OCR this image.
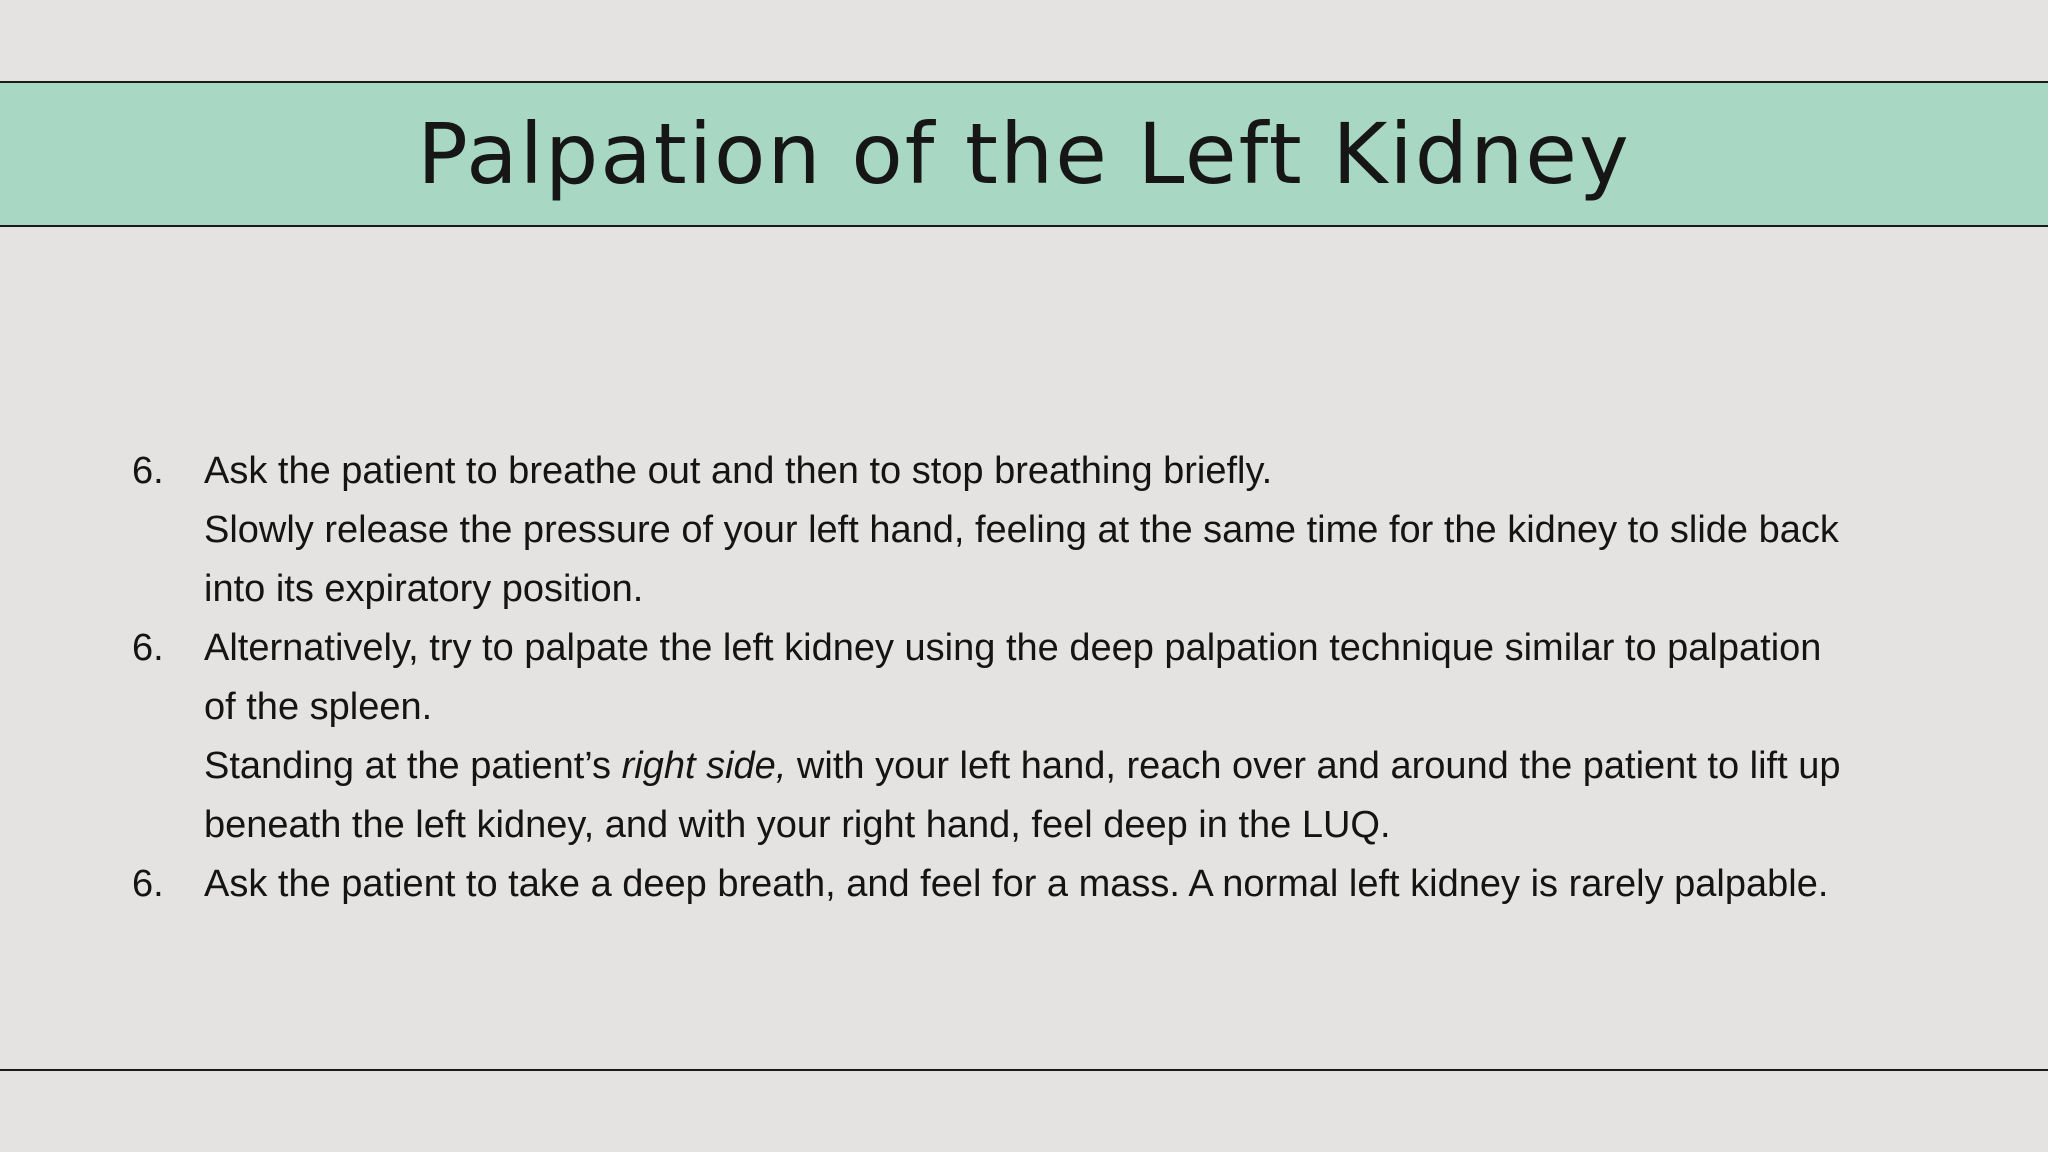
Palpation of the Left Kidney
6. Ask the patient to breathe out and then to stop breathing briefly.
Slowly release the pressure of your left hand, feeling at the same time for the kidney to slide back
into its expiratory position.
6. Alternatively, try to palpate the left kidney using the deep palpation technique similar to palpation
of the spleen.
Standing at the patient’s right side, with your left hand, reach over and around the patient to lift up
beneath the left kidney, and with your right hand, feel deep in the LUQ.
6. Ask the patient to take a deep breath, and feel for a mass. A normal left kidney is rarely palpable.
